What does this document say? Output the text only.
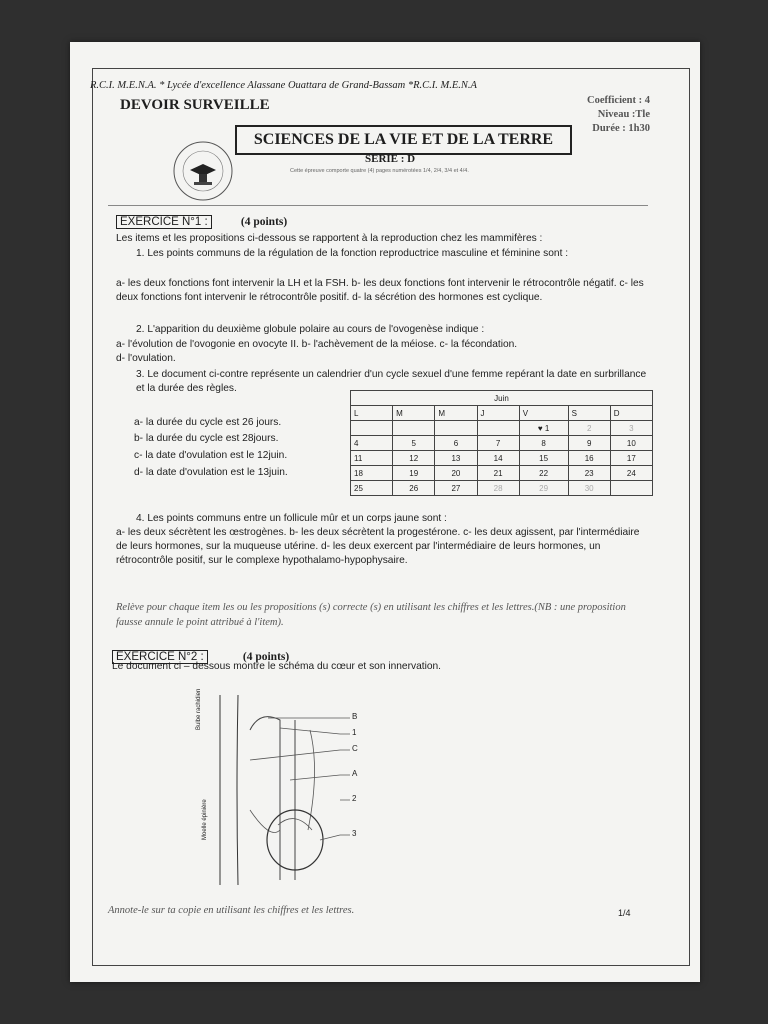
R.C.I. M.E.N.A. * Lycée d'excellence Alassane Ouattara de Grand-Bassam *R.C.I. M.E.N.A
DEVOIR SURVEILLE	Coefficient : 4
Niveau :Tle
Durée : 1h30
SCIENCES DE LA VIE ET DE LA TERRE
SERIE : D
Cette épreuve comporte quatre (4) pages numérotées 1/4, 2/4, 3/4 et 4/4.
EXERCICE N°1 :	(4 points)
Les items et les propositions ci-dessous se rapportent à la reproduction chez les mammifères :
1. Les points communs de la régulation de la fonction reproductrice masculine et féminine sont :
a- les deux fonctions font intervenir la LH et la FSH. b- les deux fonctions font intervenir le rétrocontrôle négatif. c- les deux fonctions font intervenir le rétrocontrôle positif. d- la sécrétion des hormones est cyclique.
2. L'apparition du deuxième globule polaire au cours de l'ovogenèse indique :
a- l'évolution de l'ovogonie en ovocyte II. b- l'achèvement de la méiose. c- la fécondation.
d- l'ovulation.
3. Le document ci-contre représente un calendrier d'un cycle sexuel d'une femme repérant la date en surbrillance et la durée des règles.
a- la durée du cycle est 26 jours.
b- la durée du cycle est 28jours.
c- la date d'ovulation est le 12juin.
d- la date d'ovulation est le 13juin.
Juin						
L	M	M	J	V	S	D
				♥ 1	2	3
4	5	6	7	8	9	10
11	12	13	14	15	16	17
18	19	20	21	22	23	24
25	26	27	28	29	30	
4. Les points communs entre un follicule mûr et un corps jaune sont :
a- les deux sécrètent les œstrogènes. b- les deux sécrètent la progestérone. c- les deux agissent, par l'intermédiaire de leurs hormones, sur la muqueuse utérine. d- les deux exercent par l'intermédiaire de leurs hormones, un rétrocontrôle positif, sur le complexe hypothalamo-hypophysaire.
Relève pour chaque item les ou les propositions (s) correcte (s) en utilisant les chiffres et les lettres.(NB : une proposition fausse annule le point attribué à l'item).
EXERCICE N°2 :	(4 points)
Le document ci – dessous montre le schéma du cœur et son innervation.
Bulbe rachidien
Moelle épinière
B
1
C
A
2
3
Annote-le sur ta copie en utilisant les chiffres et les lettres.	1/4
